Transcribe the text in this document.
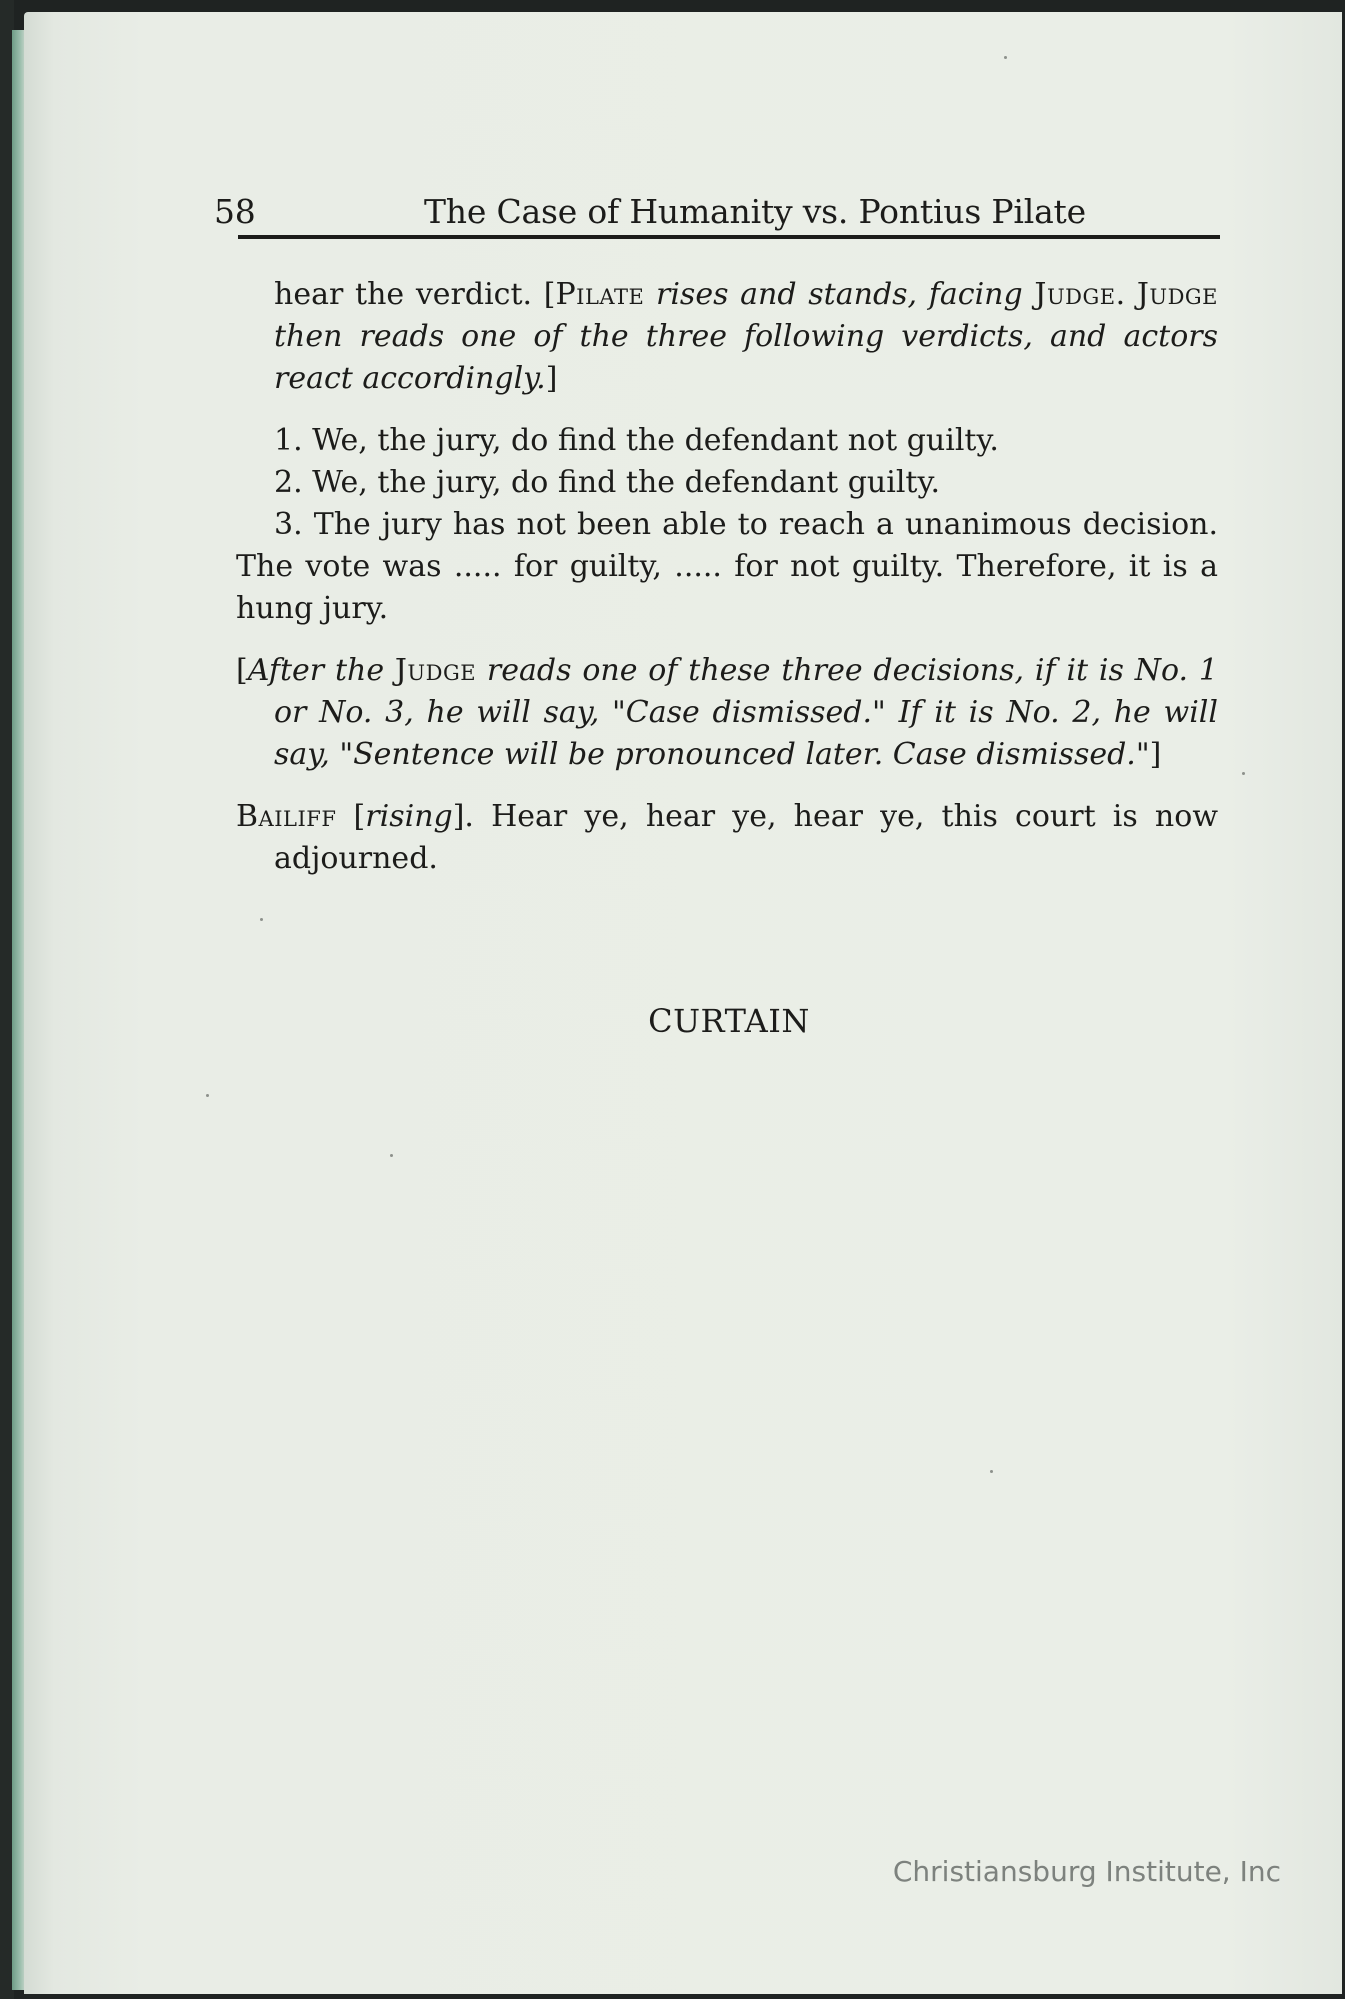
58	The Case of Humanity vs. Pontius Pilate

hear the verdict. [Pilate rises and stands, facing Judge. Judge then reads one of the three following verdicts, and actors react accordingly.]

1. We, the jury, do find the defendant not guilty.

2. We, the jury, do find the defendant guilty.

3. The jury has not been able to reach a unanimous decision. The vote was ..... for guilty, ..... for not guilty. Therefore, it is a hung jury.

[After the Judge reads one of these three decisions, if it is No. 1 or No. 3, he will say, "Case dismissed." If it is No. 2, he will say, "Sentence will be pronounced later. Case dismissed."]

Bailiff [rising]. Hear ye, hear ye, hear ye, this court is now adjourned.

CURTAIN
Christiansburg Institute, Inc
